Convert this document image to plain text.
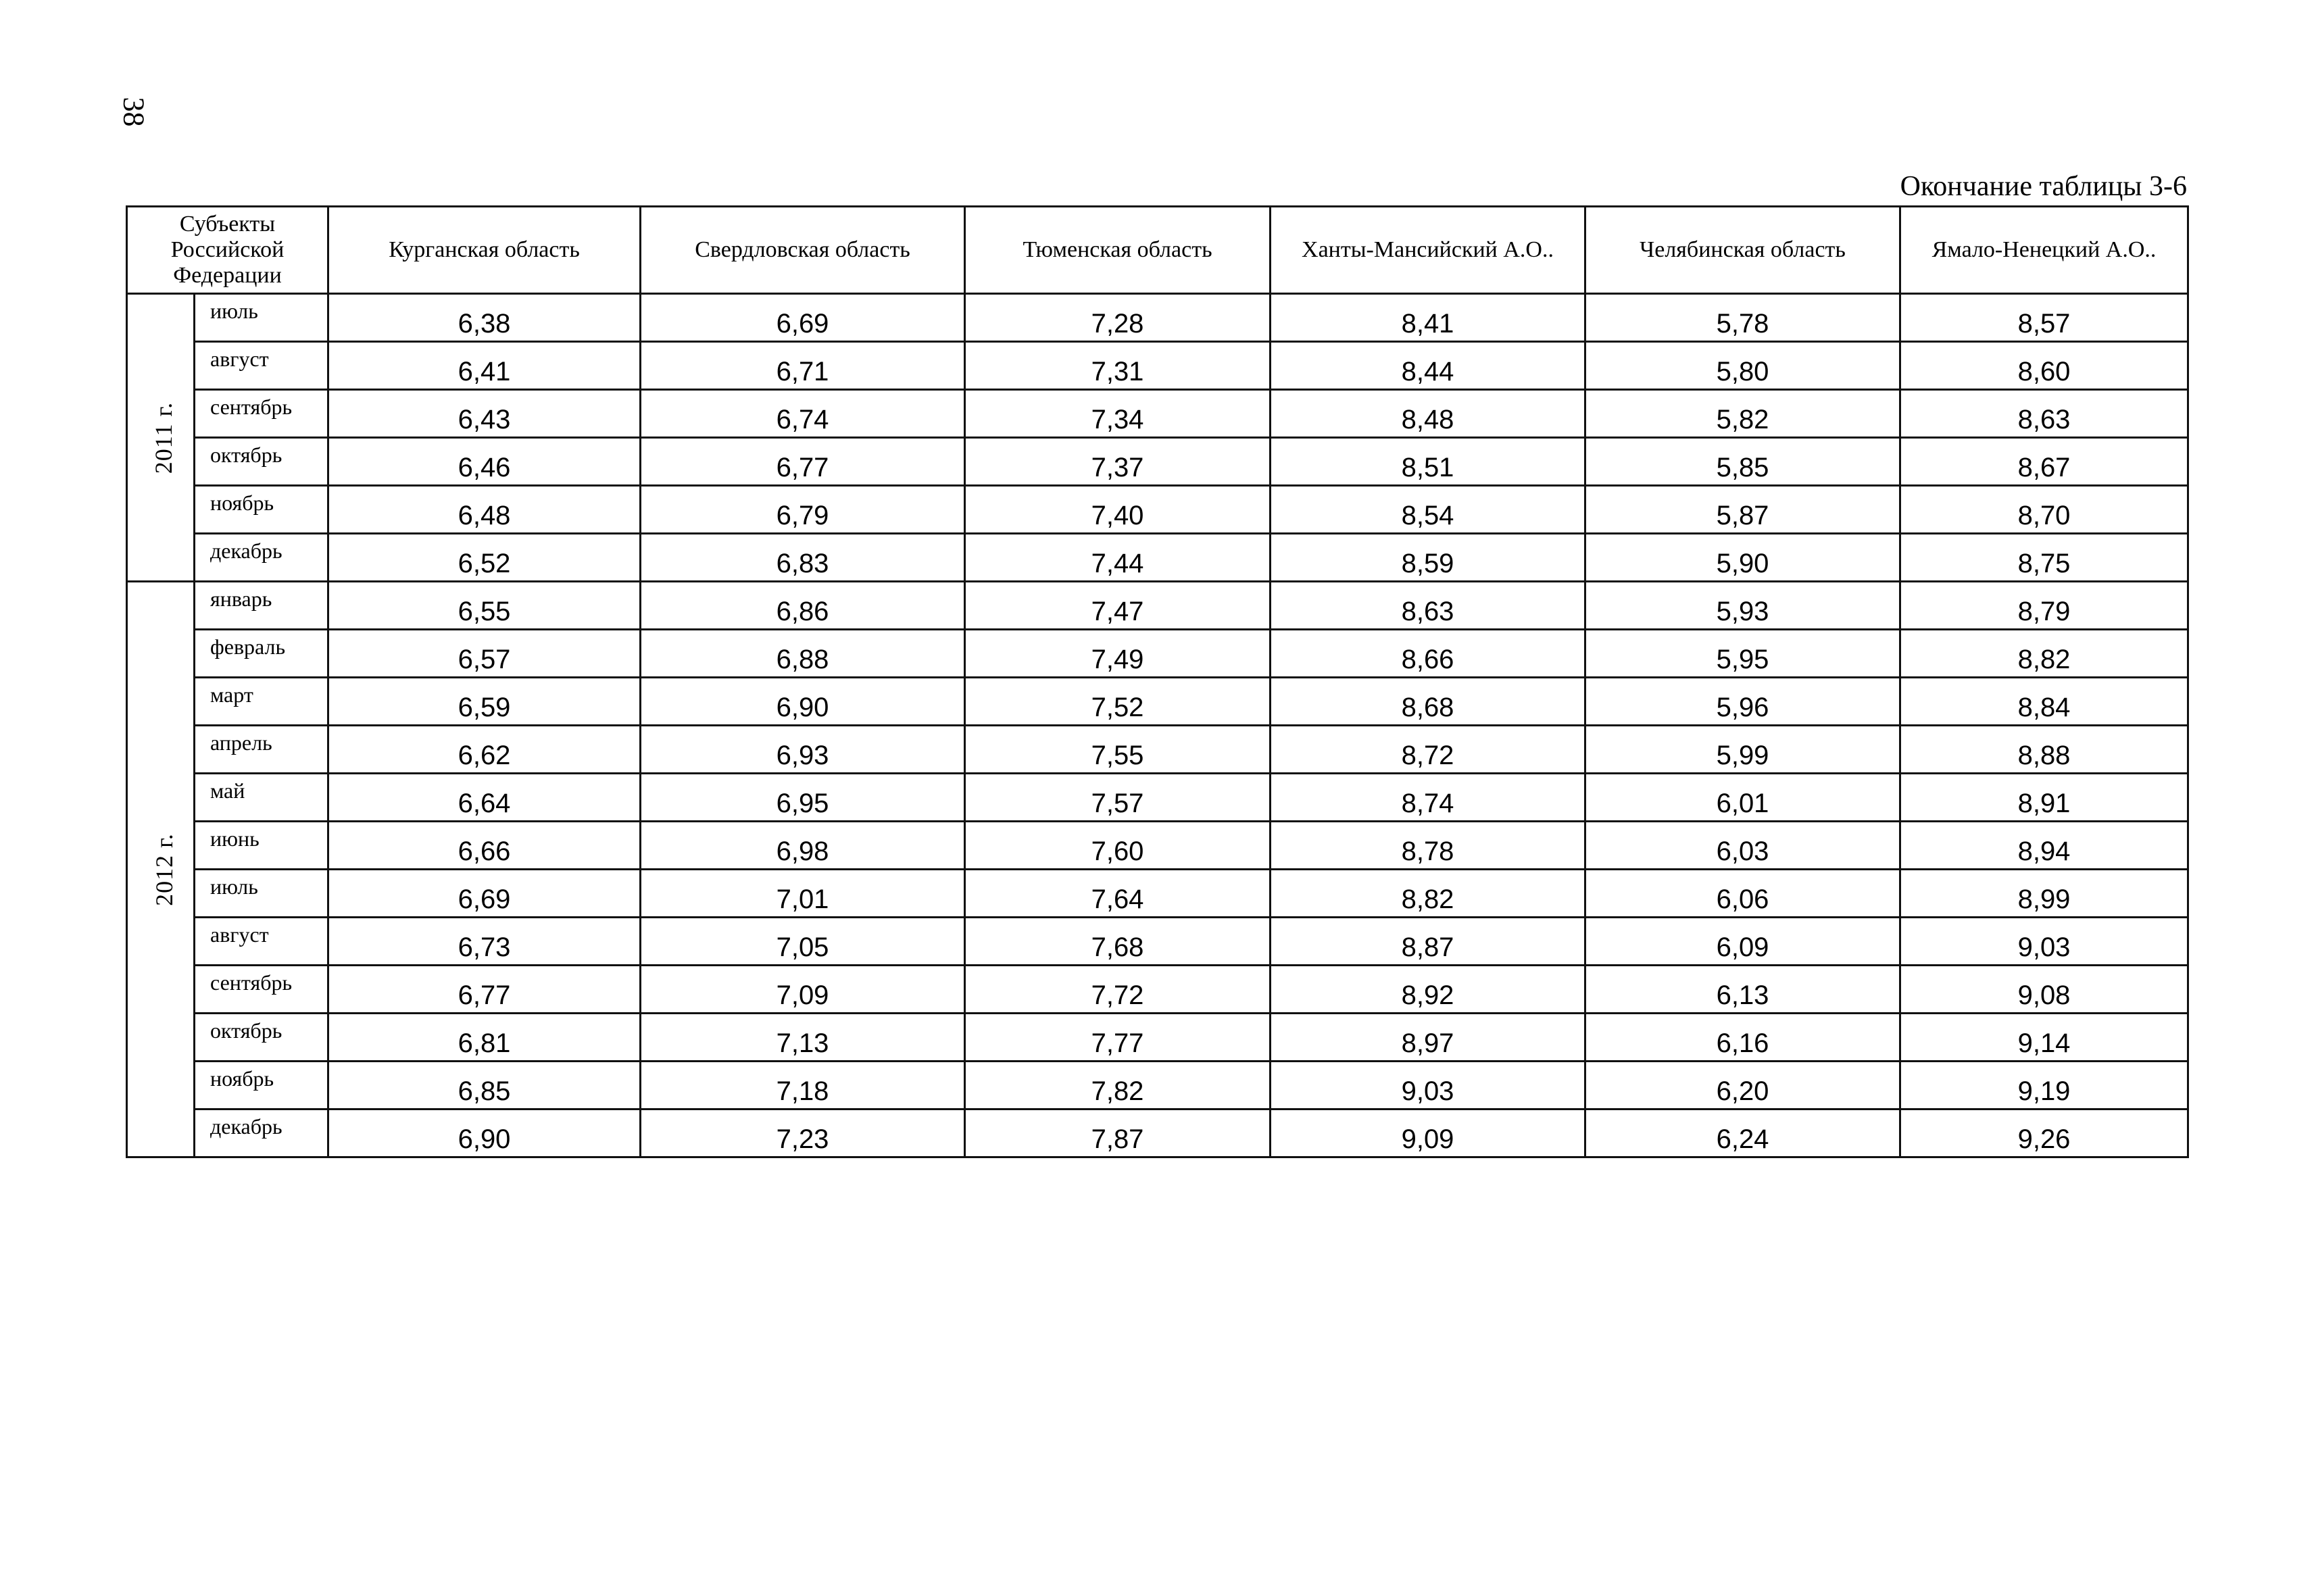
38
Окончание таблицы 3-6
Субъекты Российской Федерации		Курганская область	Свердловская область	Тюменская область	Ханты-Мансийский А.О..	Челябинская область	Ямало-Ненецкий А.О..
2011 г.	июль	6,38	6,69	7,28	8,41	5,78	8,57
	август	6,41	6,71	7,31	8,44	5,80	8,60
	сентябрь	6,43	6,74	7,34	8,48	5,82	8,63
	октябрь	6,46	6,77	7,37	8,51	5,85	8,67
	ноябрь	6,48	6,79	7,40	8,54	5,87	8,70
	декабрь	6,52	6,83	7,44	8,59	5,90	8,75
2012 г.	январь	6,55	6,86	7,47	8,63	5,93	8,79
	февраль	6,57	6,88	7,49	8,66	5,95	8,82
	март	6,59	6,90	7,52	8,68	5,96	8,84
	апрель	6,62	6,93	7,55	8,72	5,99	8,88
	май	6,64	6,95	7,57	8,74	6,01	8,91
	июнь	6,66	6,98	7,60	8,78	6,03	8,94
	июль	6,69	7,01	7,64	8,82	6,06	8,99
	август	6,73	7,05	7,68	8,87	6,09	9,03
	сентябрь	6,77	7,09	7,72	8,92	6,13	9,08
	октябрь	6,81	7,13	7,77	8,97	6,16	9,14
	ноябрь	6,85	7,18	7,82	9,03	6,20	9,19
	декабрь	6,90	7,23	7,87	9,09	6,24	9,26
